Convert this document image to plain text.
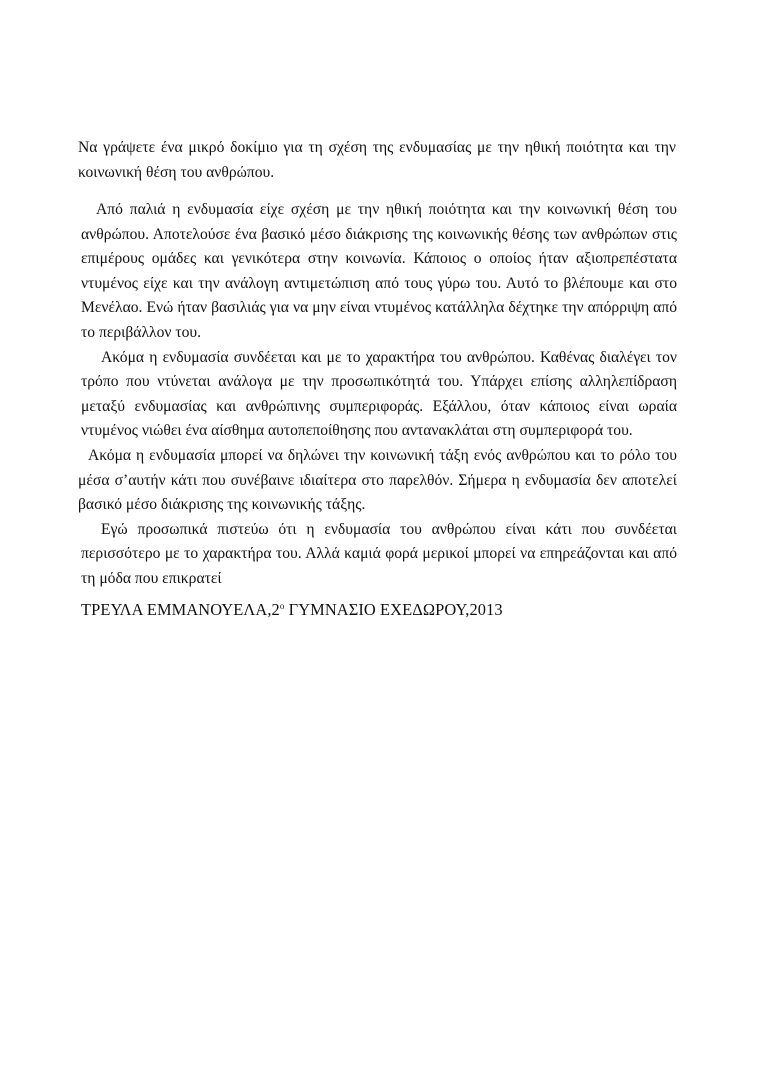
Να γράψετε ένα μικρό δοκίμιο για τη σχέση της ενδυμασίας με την ηθική ποιότητα και την κοινωνική θέση του ανθρώπου.

Από παλιά η ενδυμασία είχε σχέση με την ηθική ποιότητα και την κοινωνική θέση του ανθρώπου. Αποτελούσε ένα βασικό μέσο διάκρισης της κοινωνικής θέσης των ανθρώπων στις επιμέρους ομάδες και γενικότερα στην κοινωνία. Κάποιος ο οποίος ήταν αξιοπρεπέστατα ντυμένος είχε και την ανάλογη αντιμετώπιση από τους γύρω του. Αυτό το βλέπουμε και στο Μενέλαο. Ενώ ήταν βασιλιάς για να μην είναι ντυμένος κατάλληλα δέχτηκε την απόρριψη από το περιβάλλον του.

Ακόμα η ενδυμασία συνδέεται και με το χαρακτήρα του ανθρώπου. Καθένας διαλέγει τον τρόπο που ντύνεται ανάλογα με την προσωπικότητά του. Υπάρχει επίσης αλληλεπίδραση μεταξύ ενδυμασίας και ανθρώπινης συμπεριφοράς. Εξάλλου, όταν κάποιος είναι ωραία ντυμένος νιώθει ένα αίσθημα αυτοπεποίθησης που αντανακλάται στη συμπεριφορά του.

Ακόμα η ενδυμασία μπορεί να δηλώνει την κοινωνική τάξη ενός ανθρώπου και το ρόλο του μέσα σ’αυτήν κάτι που συνέβαινε ιδιαίτερα στο παρελθόν. Σήμερα η ενδυμασία δεν αποτελεί βασικό μέσο διάκρισης της κοινωνικής τάξης.

Εγώ προσωπικά πιστεύω ότι η ενδυμασία του ανθρώπου είναι κάτι που συνδέεται περισσότερο με το χαρακτήρα του. Αλλά καμιά φορά μερικοί μπορεί να επηρεάζονται και από τη μόδα που επικρατεί

ΤΡΕΥΛΑ $EMMANO\Upsilon E\Lambda A,2^o$ ΓΥΜΝΑΣΙΟ ΕΧΕΔΩΡΟΥ,2013
